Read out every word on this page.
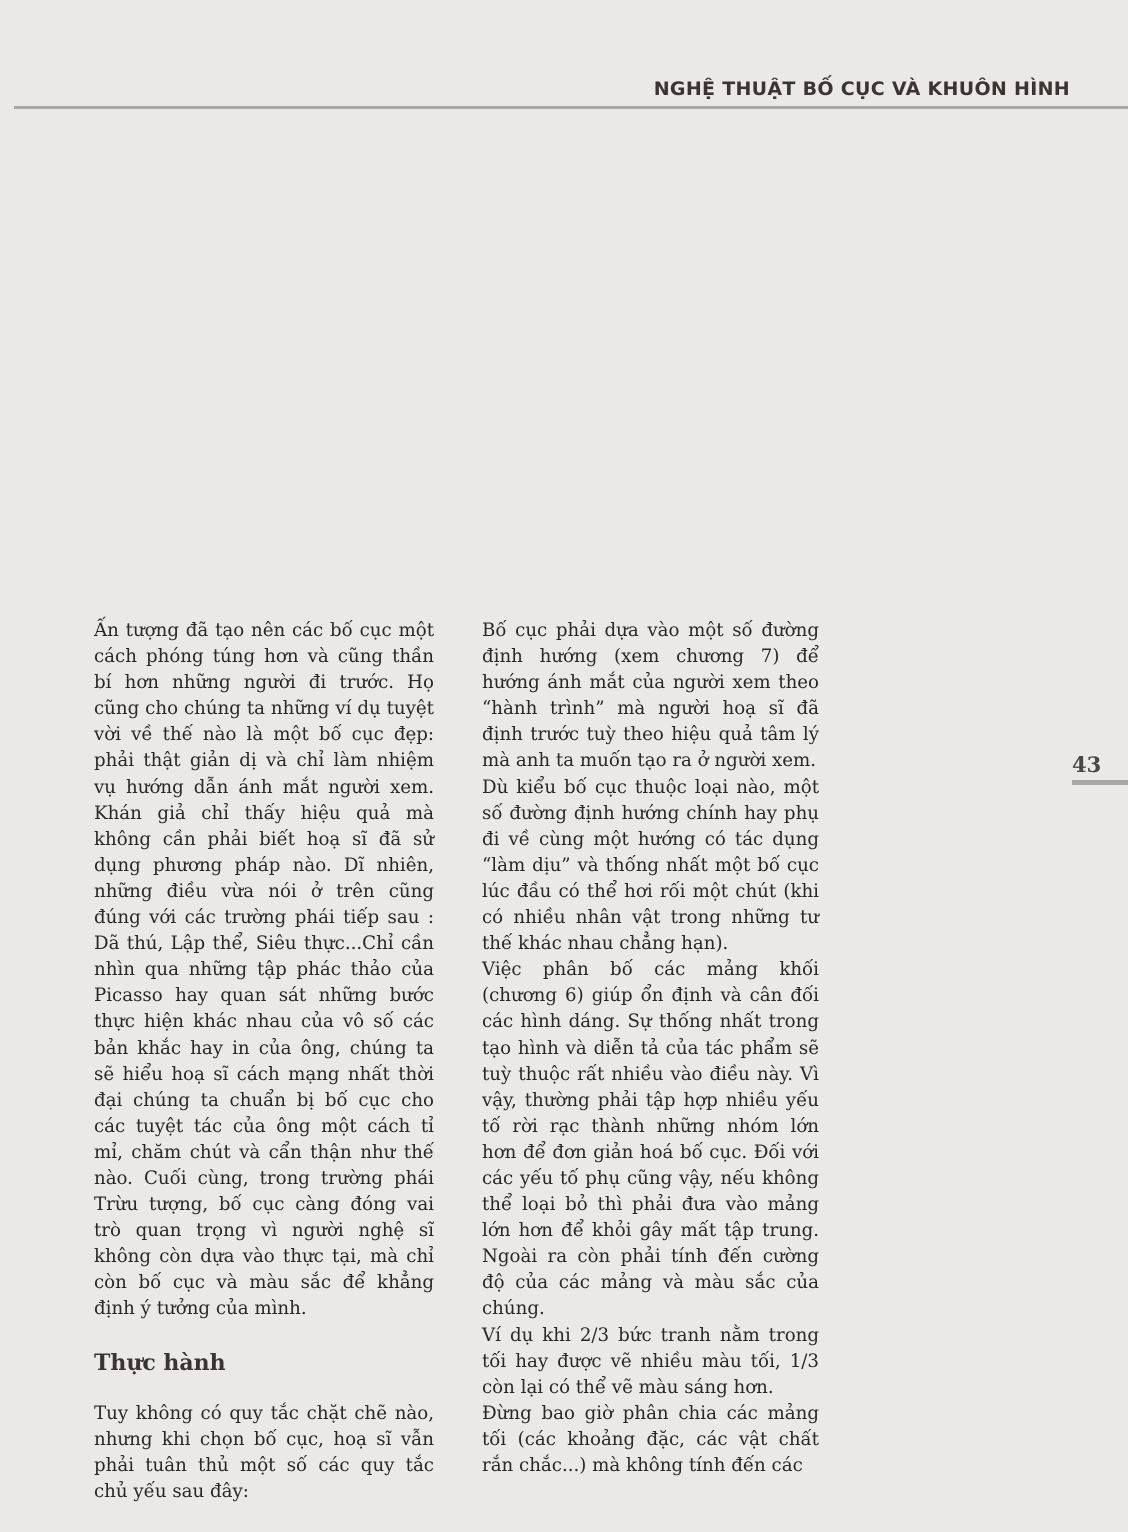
NGHỆ THUẬT BỐ CỤC VÀ KHUÔN HÌNH
43

Ấn tượng đã tạo nên các bố cục một cách phóng túng hơn và cũng thần bí hơn những người đi trước. Họ cũng cho chúng ta những ví dụ tuyệt vời về thế nào là một bố cục đẹp: phải thật giản dị và chỉ làm nhiệm vụ hướng dẫn ánh mắt người xem. Khán giả chỉ thấy hiệu quả mà không cần phải biết hoạ sĩ đã sử dụng phương pháp nào. Dĩ nhiên, những điều vừa nói ở trên cũng đúng với các trường phái tiếp sau : Dã thú, Lập thể, Siêu thực...Chỉ cần nhìn qua những tập phác thảo của Picasso hay quan sát những bước thực hiện khác nhau của vô số các bản khắc hay in của ông, chúng ta sẽ hiểu hoạ sĩ cách mạng nhất thời đại chúng ta chuẩn bị bố cục cho các tuyệt tác của ông một cách tỉ mỉ, chăm chút và cẩn thận như thế nào. Cuối cùng, trong trường phái Trừu tượng, bố cục càng đóng vai trò quan trọng vì người nghệ sĩ không còn dựa vào thực tại, mà chỉ còn bố cục và màu sắc để khẳng định ý tưởng của mình.

Thực hành

Tuy không có quy tắc chặt chẽ nào, nhưng khi chọn bố cục, hoạ sĩ vẫn phải tuân thủ một số các quy tắc chủ yếu sau đây:

Bố cục phải dựa vào một số đường định hướng (xem chương 7) để hướng ánh mắt của người xem theo “hành trình” mà người hoạ sĩ đã định trước tuỳ theo hiệu quả tâm lý mà anh ta muốn tạo ra ở người xem.

Dù kiểu bố cục thuộc loại nào, một số đường định hướng chính hay phụ đi về cùng một hướng có tác dụng “làm dịu” và thống nhất một bố cục lúc đầu có thể hơi rối một chút (khi có nhiều nhân vật trong những tư thế khác nhau chẳng hạn).

Việc phân bố các mảng khối (chương 6) giúp ổn định và cân đối các hình dáng. Sự thống nhất trong tạo hình và diễn tả của tác phẩm sẽ tuỳ thuộc rất nhiều vào điều này. Vì vậy, thường phải tập hợp nhiều yếu tố rời rạc thành những nhóm lớn hơn để đơn giản hoá bố cục. Đối với các yếu tố phụ cũng vậy, nếu không thể loại bỏ thì phải đưa vào mảng lớn hơn để khỏi gây mất tập trung. Ngoài ra còn phải tính đến cường độ của các mảng và màu sắc của chúng.

Ví dụ khi 2/3 bức tranh nằm trong tối hay được vẽ nhiều màu tối, 1/3 còn lại có thể vẽ màu sáng hơn.

Đừng bao giờ phân chia các mảng tối (các khoảng đặc, các vật chất rắn chắc...) mà không tính đến các
